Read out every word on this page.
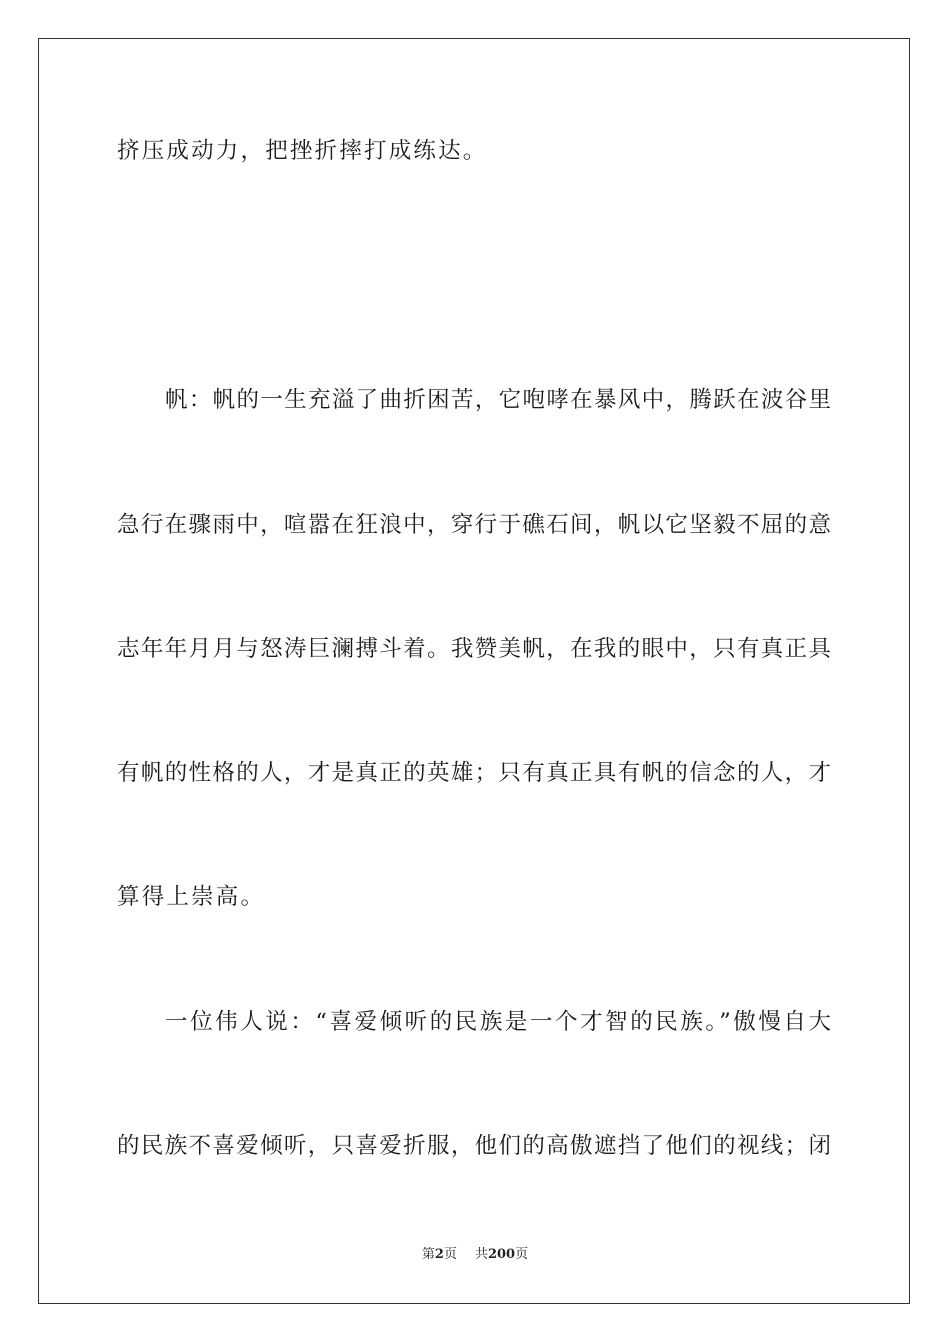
挤压成动力，把挫折摔打成练达。
帆：帆的一生充溢了曲折困苦，它咆哮在暴风中，腾跃在波谷里
急行在骤雨中，喧嚣在狂浪中，穿行于礁石间，帆以它坚毅不屈的意
志年年月月与怒涛巨澜搏斗着。我赞美帆，在我的眼中，只有真正具
有帆的性格的人，才是真正的英雄；只有真正具有帆的信念的人，才
算得上崇高。
一位伟人说：“喜爱倾听的民族是一个才智的民族。”傲慢自大
的民族不喜爱倾听，只喜爱折服，他们的高傲遮挡了他们的视线；闭
第2页 共200页
